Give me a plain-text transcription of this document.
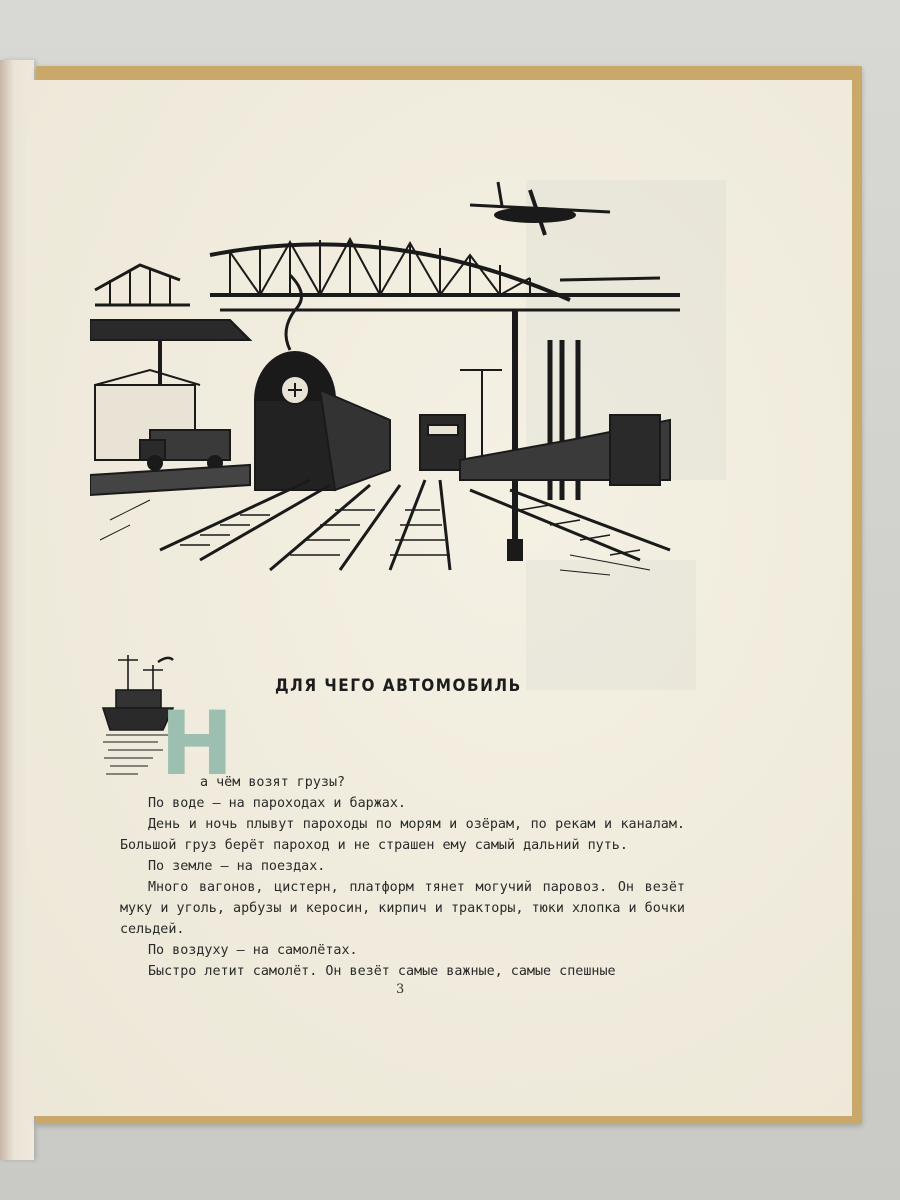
ДЛЯ ЧЕГО АВТОМОБИЛЬ
Н

а чём возят грузы?

По воде — на пароходах и баржах.

День и ночь плывут пароходы по морям и озёрам, по рекам и каналам. Большой груз берёт пароход и не страшен ему самый дальний путь.

По земле — на поездах.

Много вагонов, цистерн, платформ тянет могучий паровоз. Он везёт муку и уголь, арбузы и керосин, кирпич и тракторы, тюки хлопка и бочки сельдей.

По воздуху — на самолётах.

Быстро летит самолёт. Он везёт самые важные, самые спешные

3
